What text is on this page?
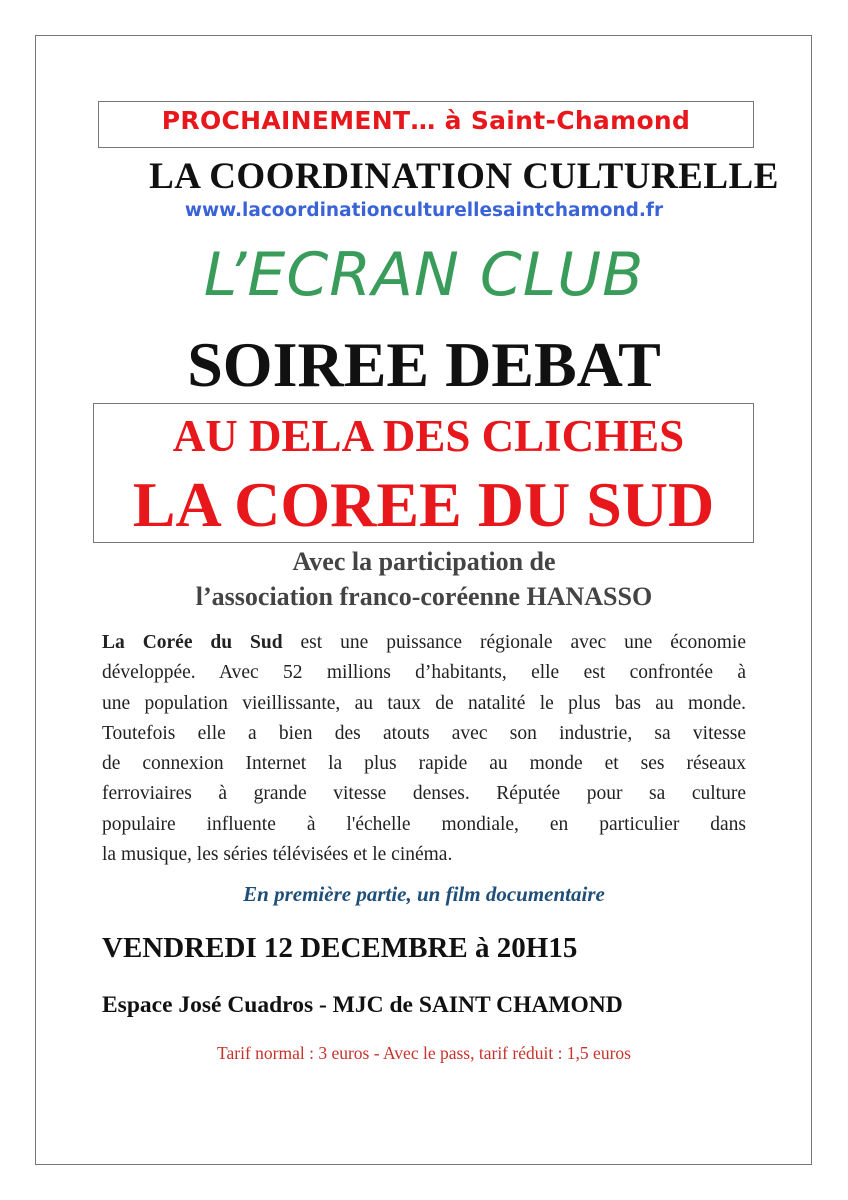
PROCHAINEMENT… à Saint-Chamond
LA COORDINATION CULTURELLE
www.lacoordinationculturellesaintchamond.fr
L’ECRAN CLUB
SOIREE DEBAT
AU DELA DES CLICHES
LA COREE DU SUD
Avec la participation de
l’association franco-coréenne HANASSO
La Corée du Sud est une puissance régionale avec une économie
développée. Avec 52 millions d’habitants, elle est confrontée à
une population vieillissante, au taux de natalité le plus bas au monde.
Toutefois elle a bien des atouts avec son industrie, sa vitesse
de connexion Internet la plus rapide au monde et ses réseaux
ferroviaires à grande vitesse denses. Réputée pour sa culture
populaire influente à l'échelle mondiale, en particulier dans
la musique, les séries télévisées et le cinéma.
En première partie, un film documentaire
VENDREDI 12 DECEMBRE à 20H15
Espace José Cuadros - MJC de SAINT CHAMOND
Tarif normal : 3 euros - Avec le pass, tarif réduit : 1,5 euros
